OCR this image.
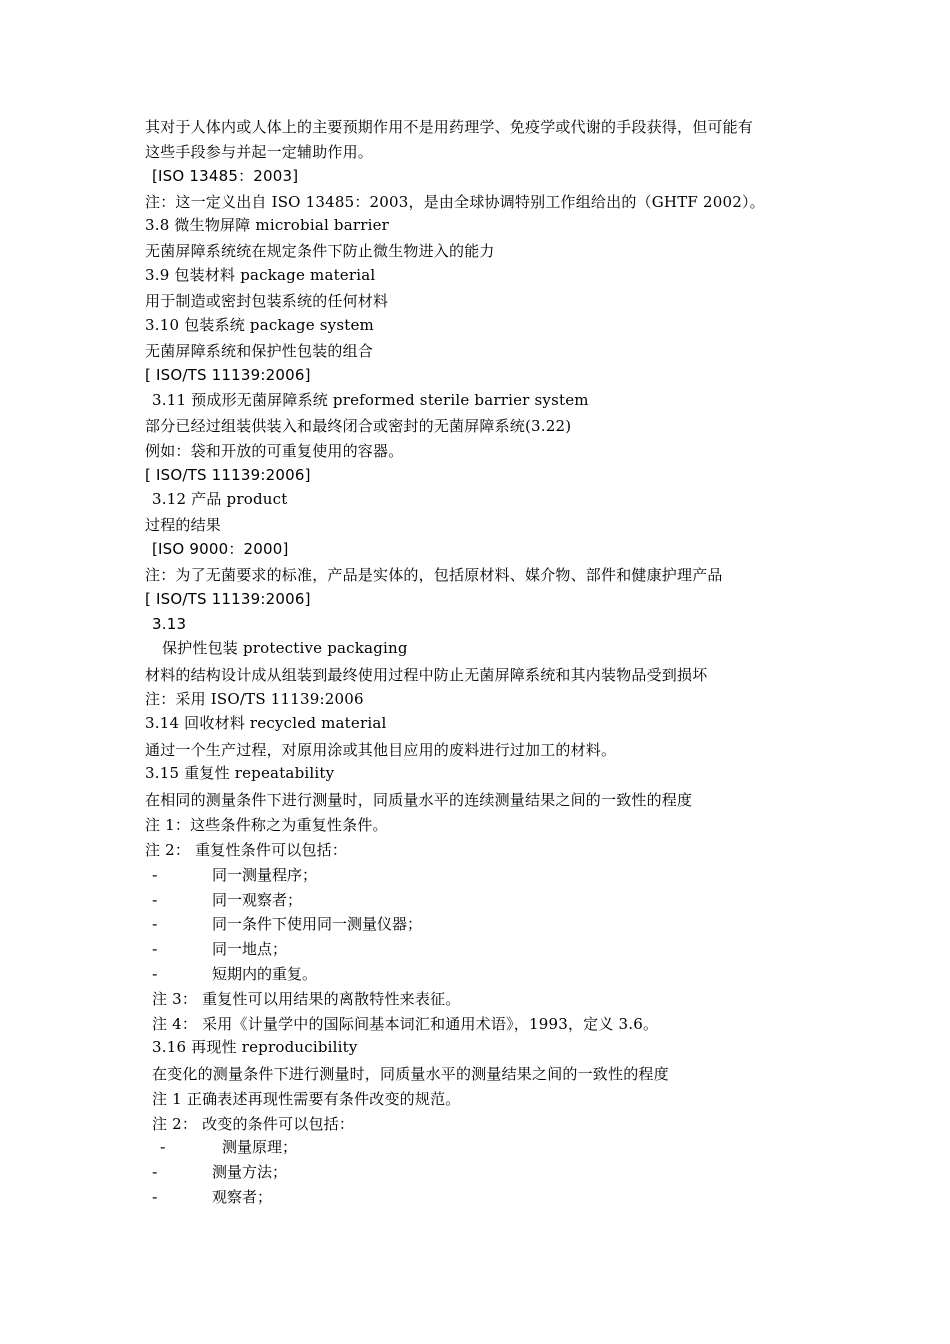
其对于人体内或人体上的主要预期作用不是用药理学、免疫学或代谢的手段获得，但可能有
这些手段参与并起一定辅助作用。
[ISO 13485：2003]
注：这一定义出自 ISO 13485：2003，是由全球协调特别工作组给出的（GHTF 2002）。
3.8 微生物屏障 microbial barrier
无菌屏障系统统在规定条件下防止微生物进入的能力
3.9 包装材料 package material
用于制造或密封包装系统的任何材料
3.10 包装系统 package system
无菌屏障系统和保护性包装的组合
[ ISO/TS 11139:2006]
3.11 预成形无菌屏障系统 preformed sterile barrier system
部分已经过组装供装入和最终闭合或密封的无菌屏障系统(3.22)
例如：袋和开放的可重复使用的容器。
[ ISO/TS 11139:2006]
3.12 产品 product
过程的结果
[ISO 9000：2000]
注：为了无菌要求的标准，产品是实体的，包括原材料、媒介物、部件和健康护理产品
[ ISO/TS 11139:2006]
3.13
保护性包装 protective packaging
材料的结构设计成从组装到最终使用过程中防止无菌屏障系统和其内装物品受到损坏
注：采用 ISO/TS 11139:2006
3.14 回收材料 recycled material
通过一个生产过程，对原用涂或其他目应用的废料进行过加工的材料。
3.15 重复性 repeatability
在相同的测量条件下进行测量时，同质量水平的连续测量结果之间的一致性的程度
注 1：这些条件称之为重复性条件。
注 2： 重复性条件可以包括：
-	同一测量程序；
-	同一观察者；
-	同一条件下使用同一测量仪器；
-	同一地点；
-	短期内的重复。
注 3： 重复性可以用结果的离散特性来表征。
注 4： 采用《计量学中的国际间基本词汇和通用术语》，1993，定义 3.6。
3.16 再现性 reproducibility
在变化的测量条件下进行测量时，同质量水平的测量结果之间的一致性的程度
注 1 正确表述再现性需要有条件改变的规范。
注 2： 改变的条件可以包括：
-	测量原理；
-	测量方法；
-	观察者；
